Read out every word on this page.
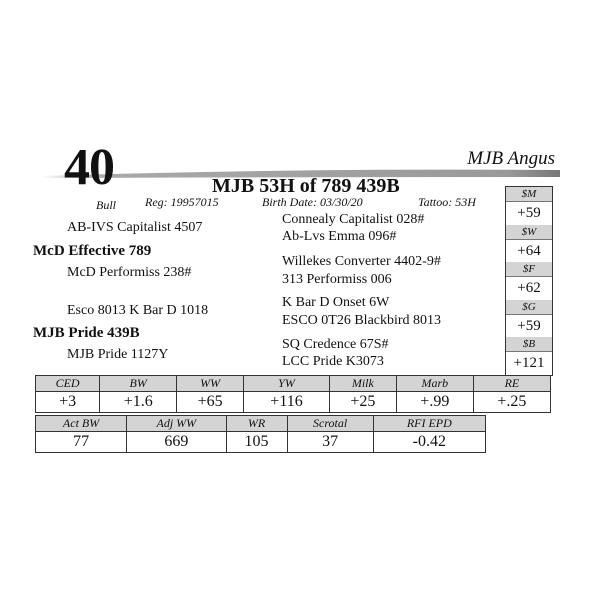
40	MJB Angus
MJB 53H of 789 439B
Bull Reg: 19957015	Birth Date: 03/30/20	Tattoo: 53H
AB-IVS Capitalist 4507
McD Effective 789
McD Performiss 238#
Esco 8013 K Bar D 1018
MJB Pride 439B
MJB Pride 1127Y
Connealy Capitalist 028#
Ab-Lvs Emma 096#
Willekes Converter 4402-9#
313 Performiss 006
K Bar D Onset 6W
ESCO 0T26 Blackbird 8013
SQ Credence 67S#
LCC Pride K3073
$M
+59
$W
+64
$F
+62
$G
+59
$B
+121
CED	BW	WW	YW	Milk	Marb	RE
+3	+1.6	+65	+116	+25	+.99	+.25
Act BW	Adj WW	WR	Scrotal	RFI EPD
77	669	105	37	-0.42
